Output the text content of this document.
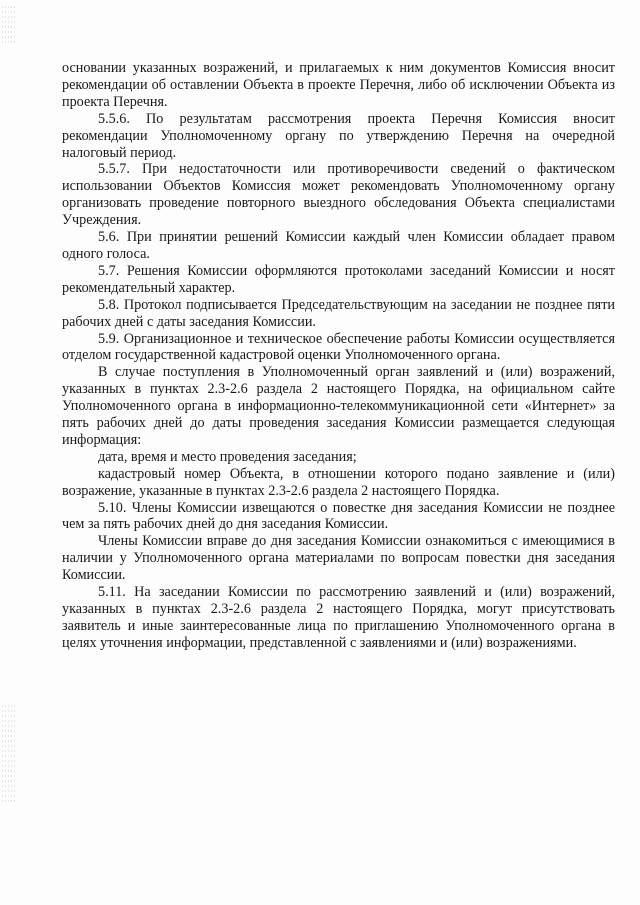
основании указанных возражений, и прилагаемых к ним документов Комиссия вносит рекомендации об оставлении Объекта в проекте Перечня, либо об исключении Объекта из проекта Перечня.

5.5.6. По результатам рассмотрения проекта Перечня Комиссия вносит рекомендации Уполномоченному органу по утверждению Перечня на очередной налоговый период.

5.5.7. При недостаточности или противоречивости сведений о фактическом использовании Объектов Комиссия может рекомендовать Уполномоченному органу организовать проведение повторного выездного обследования Объекта специалистами Учреждения.

5.6. При принятии решений Комиссии каждый член Комиссии обладает правом одного голоса.

5.7. Решения Комиссии оформляются протоколами заседаний Комиссии и носят рекомендательный характер.

5.8. Протокол подписывается Председательствующим на заседании не позднее пяти рабочих дней с даты заседания Комиссии.

5.9. Организационное и техническое обеспечение работы Комиссии осуществляется отделом государственной кадастровой оценки Уполномоченного органа.

В случае поступления в Уполномоченный орган заявлений и (или) возражений, указанных в пунктах 2.3-2.6 раздела 2 настоящего Порядка, на официальном сайте Уполномоченного органа в информационно-телекоммуникационной сети «Интернет» за пять рабочих дней до даты проведения заседания Комиссии размещается следующая информация:

дата, время и место проведения заседания;

кадастровый номер Объекта, в отношении которого подано заявление и (или) возражение, указанные в пунктах 2.3-2.6 раздела 2 настоящего Порядка.

5.10. Члены Комиссии извещаются о повестке дня заседания Комиссии не позднее чем за пять рабочих дней до дня заседания Комиссии.

Члены Комиссии вправе до дня заседания Комиссии ознакомиться с имеющимися в наличии у Уполномоченного органа материалами по вопросам повестки дня заседания Комиссии.

5.11. На заседании Комиссии по рассмотрению заявлений и (или) возражений, указанных в пунктах 2.3-2.6 раздела 2 настоящего Порядка, могут присутствовать заявитель и иные заинтересованные лица по приглашению Уполномоченного органа в целях уточнения информации, представленной с заявлениями и (или) возражениями.
